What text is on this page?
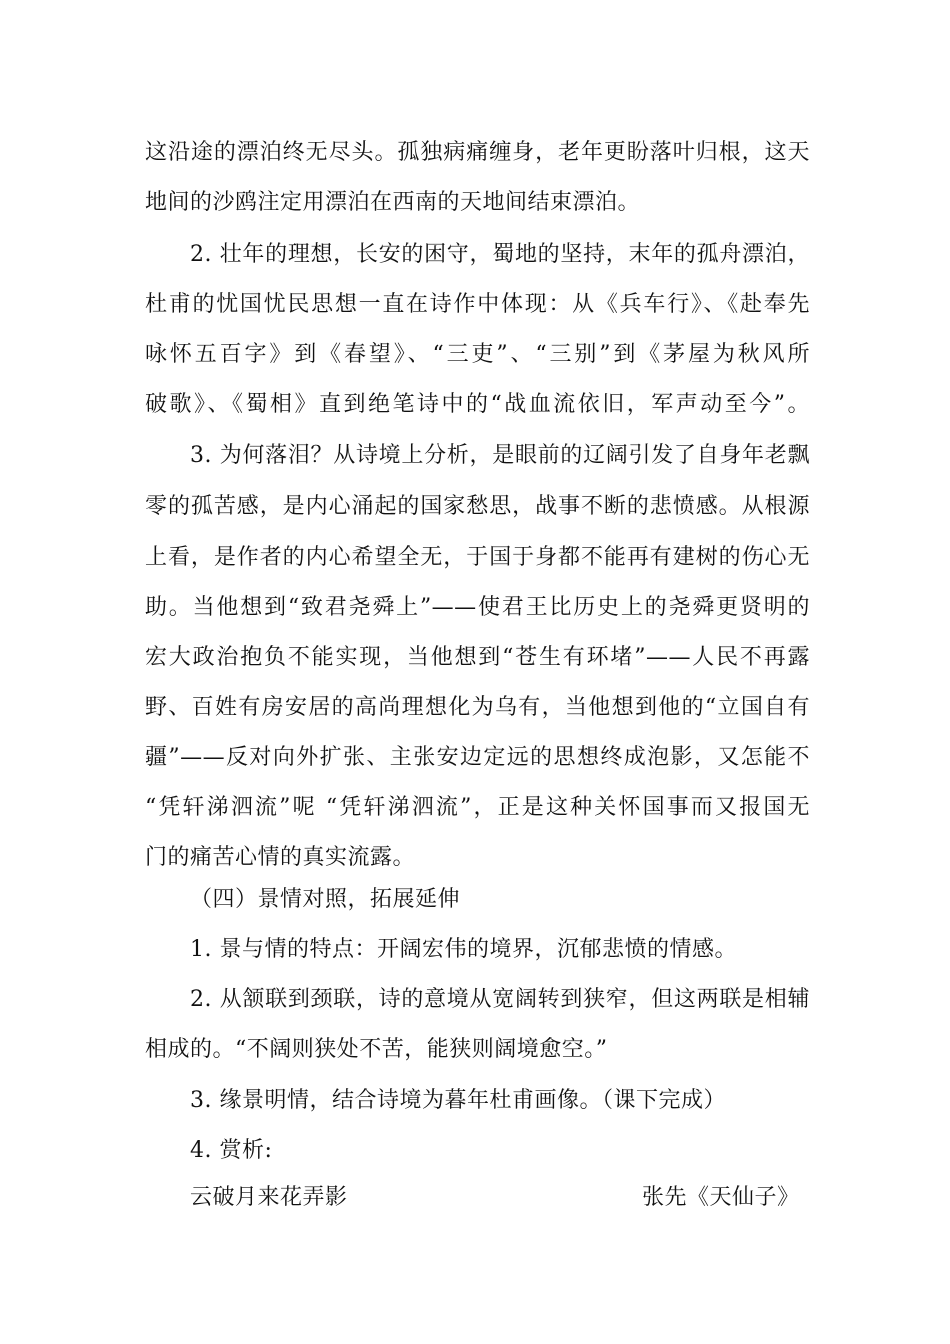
这沿途的漂泊终无尽头。孤独病痛缠身，老年更盼落叶归根，这天
地间的沙鸥注定用漂泊在西南的天地间结束漂泊。
2. 壮年的理想，长安的困守，蜀地的坚持，末年的孤舟漂泊，
杜甫的忧国忧民思想一直在诗作中体现：从《兵车行》、《赴奉先
咏怀五百字》到《春望》、“三吏”、“三别”到《茅屋为秋风所
破歌》、《蜀相》直到绝笔诗中的“战血流依旧，军声动至今”。
3. 为何落泪？从诗境上分析，是眼前的辽阔引发了自身年老飘
零的孤苦感，是内心涌起的国家愁思，战事不断的悲愤感。从根源
上看，是作者的内心希望全无，于国于身都不能再有建树的伤心无
助。当他想到“致君尧舜上”——使君王比历史上的尧舜更贤明的
宏大政治抱负不能实现，当他想到“苍生有环堵”——人民不再露
野、百姓有房安居的高尚理想化为乌有，当他想到他的“立国自有
疆”——反对向外扩张、主张安边定远的思想终成泡影，又怎能不
“凭轩涕泗流”呢 “凭轩涕泗流”，正是这种关怀国事而又报国无
门的痛苦心情的真实流露。
（四）景情对照，拓展延伸
1. 景与情的特点：开阔宏伟的境界，沉郁悲愤的情感。
2. 从颔联到颈联，诗的意境从宽阔转到狭窄，但这两联是相辅
相成的。“不阔则狭处不苦，能狭则阔境愈空。”
3. 缘景明情，结合诗境为暮年杜甫画像。（课下完成）
4. 赏析:
云破月来花弄影	张先《天仙子》
